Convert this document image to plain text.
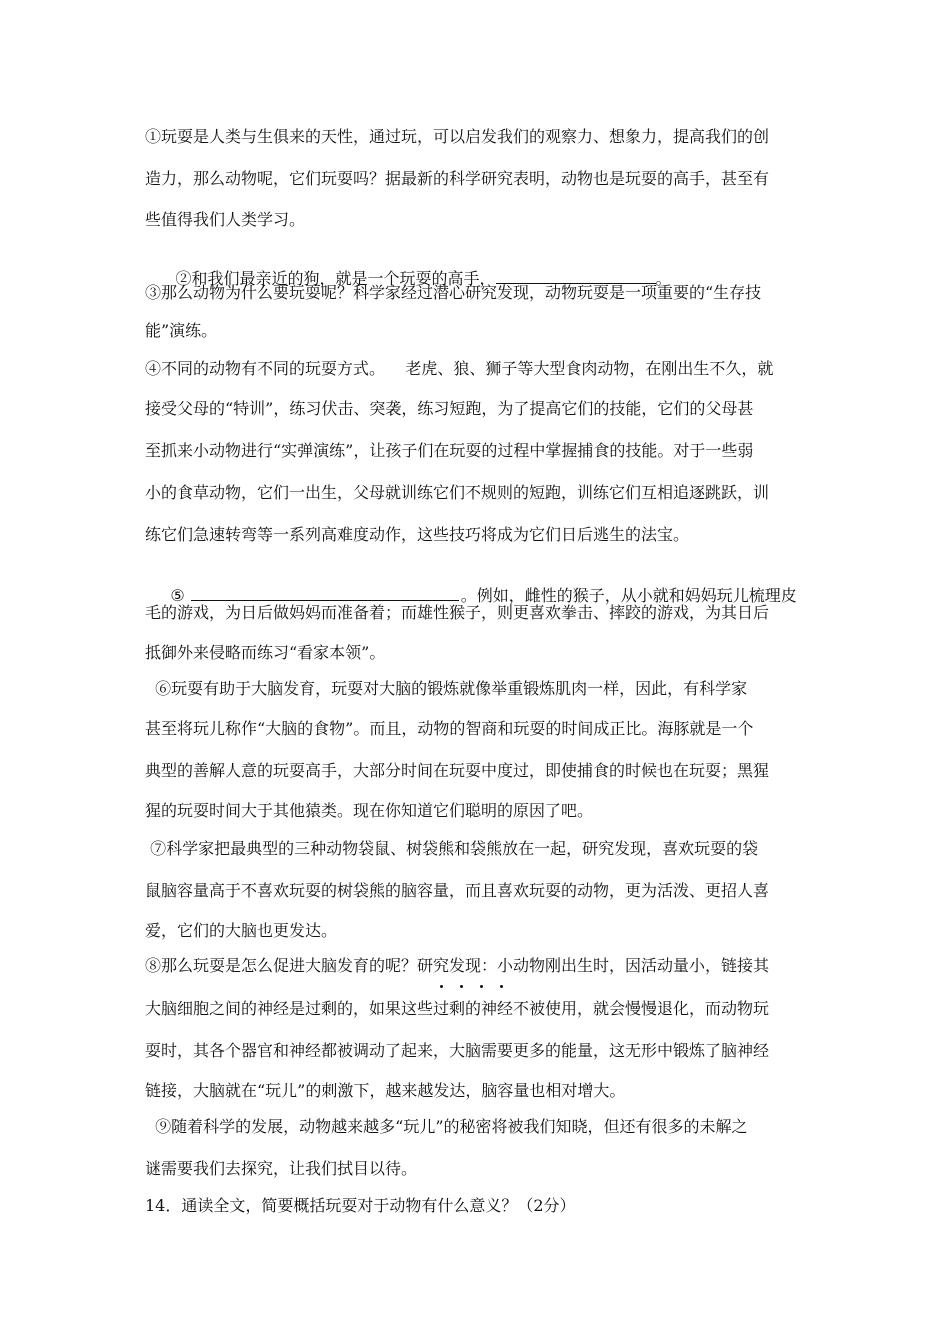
①玩耍是人类与生俱来的天性，通过玩，可以启发我们的观察力、想象力，提高我们的创
造力，那么动物呢，它们玩耍吗？据最新的科学研究表明，动物也是玩耍的高手，甚至有
些值得我们人类学习。

②和我们最亲近的狗，就是一个玩耍的高手，	。

③那么动物为什么要玩耍呢？科学家经过潜心研究发现，动物玩耍是一项重要的“生存技
能”演练。
④不同的动物有不同的玩耍方式。    老虎、狼、狮子等大型食肉动物，在刚出生不久，就
接受父母的“特训”，练习伏击、突袭，练习短跑，为了提高它们的技能，它们的父母甚
至抓来小动物进行“实弹演练”，让孩子们在玩耍的过程中掌握捕食的技能。对于一些弱
小的食草动物，它们一出生，父母就训练它们不规则的短跑，训练它们互相追逐跳跃，训
练它们急速转弯等一系列高难度动作，这些技巧将成为它们日后逃生的法宝。

⑤	。例如，雌性的猴子，从小就和妈妈玩儿梳理皮

毛的游戏，为日后做妈妈而准备着；而雄性猴子，则更喜欢拳击、摔跤的游戏，为其日后
抵御外来侵略而练习“看家本领”。
⑥玩耍有助于大脑发育，玩耍对大脑的锻炼就像举重锻炼肌肉一样，因此，有科学家
甚至将玩儿称作“大脑的食物”。而且，动物的智商和玩耍的时间成正比。海豚就是一个
典型的善解人意的玩耍高手，大部分时间在玩耍中度过，即使捕食的时候也在玩耍；黑猩
猩的玩耍时间大于其他猿类。现在你知道它们聪明的原因了吧。
⑦科学家把最典型的三种动物袋鼠、树袋熊和袋熊放在一起，研究发现，喜欢玩耍的袋
鼠脑容量高于不喜欢玩耍的树袋熊的脑容量，而且喜欢玩耍的动物，更为活泼、更招人喜
爱，它们的大脑也更发达。
⑧那么玩耍是怎么促进大脑发育的呢？研究发现：小动物刚出生时，因活动量小，链接其
大脑细胞之间的神经是过剩的，如果这些过剩的神经不被使用，就会慢慢退化，而动物玩
耍时，其各个器官和神经都被调动了起来，大脑需要更多的能量，这无形中锻炼了脑神经
链接，大脑就在“玩儿”的刺激下，越来越发达，脑容量也相对增大。
⑨随着科学的发展，动物越来越多“玩儿”的秘密将被我们知晓，但还有很多的未解之
谜需要我们去探究，让我们拭目以待。
14．通读全文，简要概括玩耍对于动物有什么意义？（2分）
